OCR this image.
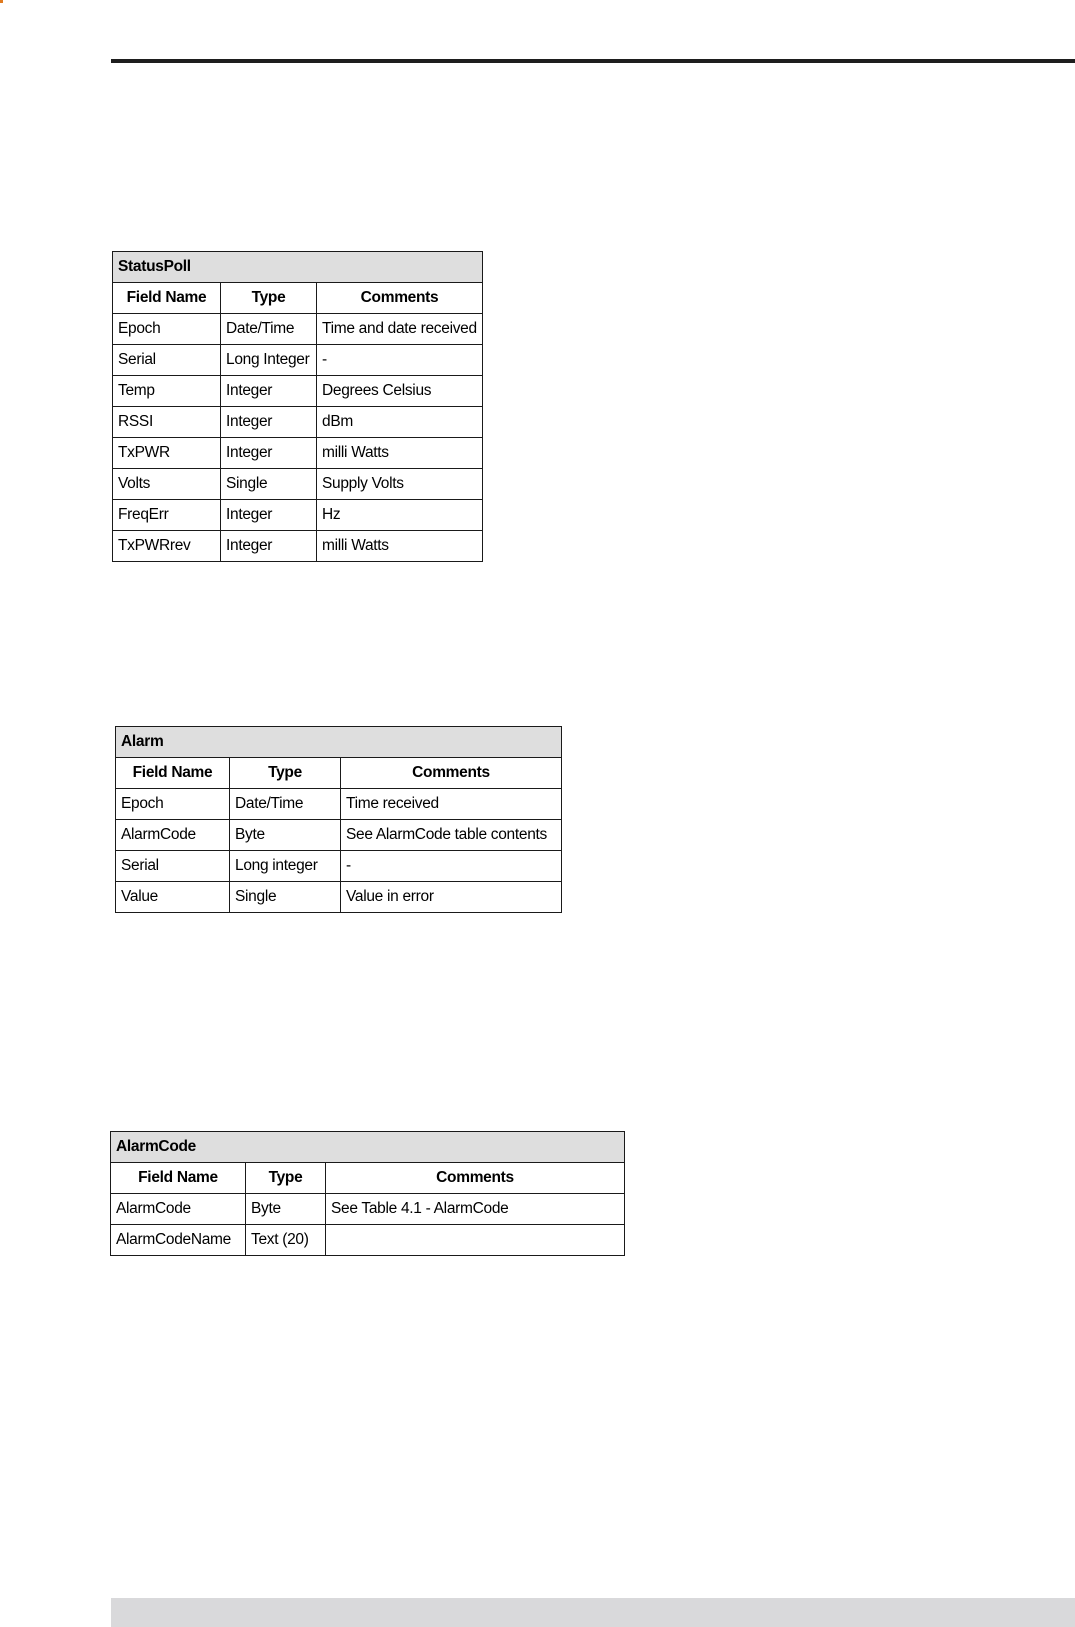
StatusPoll		
Field Name	Type	Comments
Epoch	Date/Time	Time and date received
Serial	Long Integer	-
Temp	Integer	Degrees Celsius
RSSI	Integer	dBm
TxPWR	Integer	milli Watts
Volts	Single	Supply Volts
FreqErr	Integer	Hz
TxPWRrev	Integer	milli Watts
Alarm		
Field Name	Type	Comments
Epoch	Date/Time	Time received
AlarmCode	Byte	See AlarmCode table contents
Serial	Long integer	-
Value	Single	Value in error
AlarmCode		
Field Name	Type	Comments
AlarmCode	Byte	See Table 4.1 - AlarmCode
AlarmCodeName	Text (20)	
